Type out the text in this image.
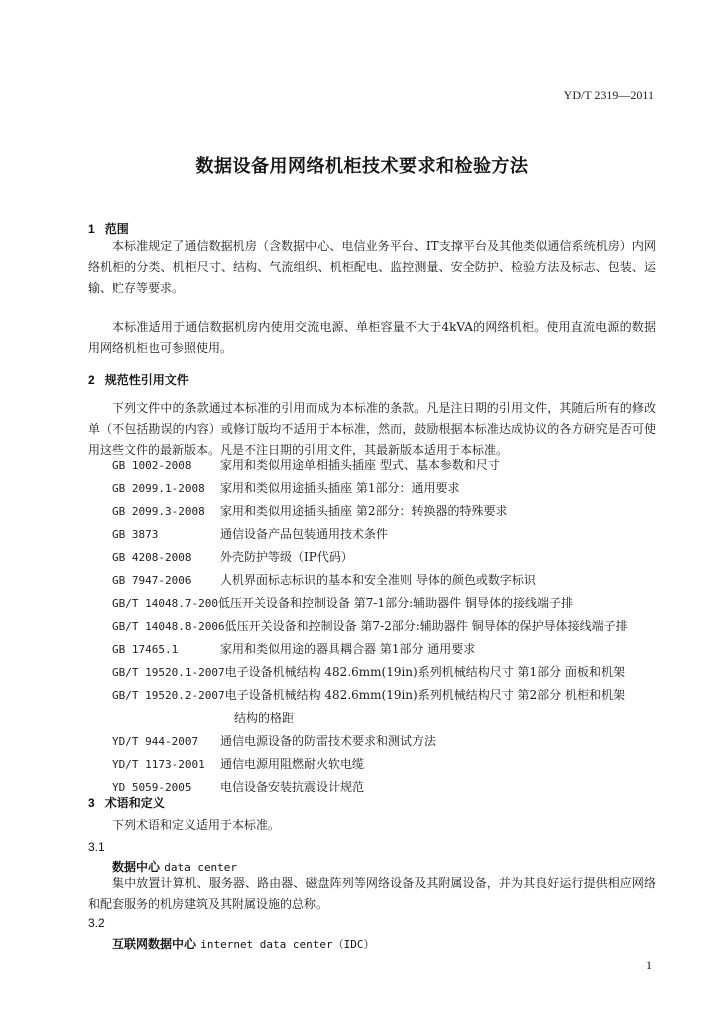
YD/T 2319—2011
数据设备用网络机柜技术要求和检验方法
1 范围

本标准规定了通信数据机房（含数据中心、电信业务平台、IT支撑平台及其他类似通信系统机房）内网络机柜的分类、机柜尺寸、结构、气流组织、机柜配电、监控测量、安全防护、检验方法及标志、包装、运输、贮存等要求。

本标准适用于通信数据机房内使用交流电源、单柜容量不大于4kVA的网络机柜。使用直流电源的数据用网络机柜也可参照使用。

2 规范性引用文件

下列文件中的条款通过本标准的引用而成为本标准的条款。凡是注日期的引用文件，其随后所有的修改单（不包括勘误的内容）或修订版均不适用于本标准，然而，鼓励根据本标准达成协议的各方研究是否可使用这些文件的最新版本。凡是不注日期的引用文件，其最新版本适用于本标准。

GB 1002-2008	家用和类似用途单相插头插座 型式、基本参数和尺寸
GB 2099.1-2008	家用和类似用途插头插座 第1部分：通用要求
GB 2099.3-2008	家用和类似用途插头插座 第2部分：转换器的特殊要求
GB 3873	通信设备产品包装通用技术条件
GB 4208-2008	外壳防护等级（IP代码）
GB 7947-2006	人机界面标志标识的基本和安全准则 导体的颜色或数字标识
GB/T 14048.7-200 低压开关设备和控制设备 第7-1部分:辅助器件 铜导体的接线端子排
GB/T 14048.8-2006 低压开关设备和控制设备 第7-2部分:辅助器件 铜导体的保护导体接线端子排
GB 17465.1	家用和类似用途的器具耦合器 第1部分 通用要求
GB/T 19520.1-2007 电子设备机械结构 482.6mm(19in)系列机械结构尺寸 第1部分 面板和机架
GB/T 19520.2-2007 电子设备机械结构 482.6mm(19in)系列机械结构尺寸 第2部分 机柜和机架
结构的格距
YD/T 944-2007	通信电源设备的防雷技术要求和测试方法
YD/T 1173-2001	通信电源用阻燃耐火软电缆
YD 5059-2005	电信设备安装抗震设计规范
3 术语和定义

下列术语和定义适用于本标准。

3.1
数据中心 data center

集中放置计算机、服务器、路由器、磁盘阵列等网络设备及其附属设备，并为其良好运行提供相应网络和配套服务的机房建筑及其附属设施的总称。

3.2
互联网数据中心 internet data center（IDC）
1
